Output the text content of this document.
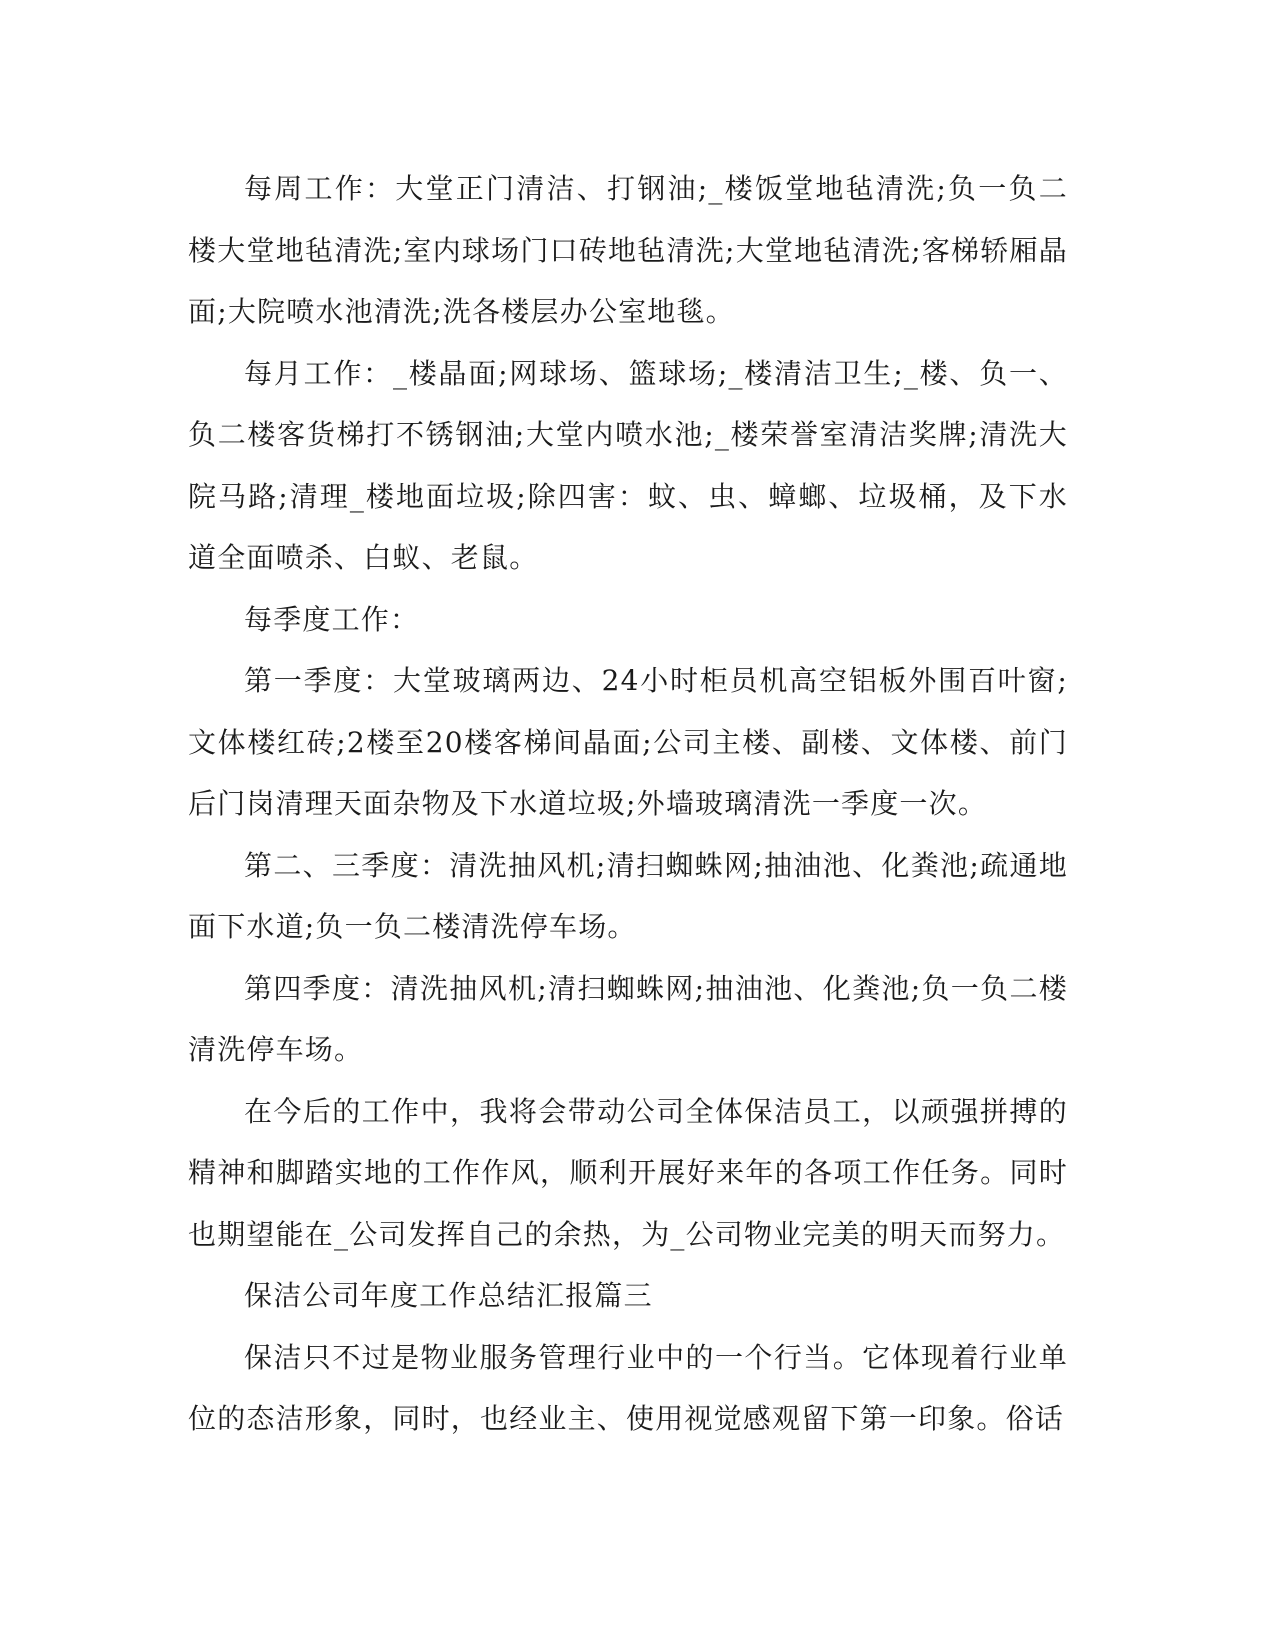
每周工作：大堂正门清洁、打钢油;_楼饭堂地毡清洗;负一负二楼大堂地毡清洗;室内球场门口砖地毡清洗;大堂地毡清洗;客梯轿厢晶面;大院喷水池清洗;洗各楼层办公室地毯。

每月工作：_楼晶面;网球场、篮球场;_楼清洁卫生;_楼、负一、负二楼客货梯打不锈钢油;大堂内喷水池;_楼荣誉室清洁奖牌;清洗大院马路;清理_楼地面垃圾;除四害：蚊、虫、蟑螂、垃圾桶，及下水道全面喷杀、白蚁、老鼠。

每季度工作：

第一季度：大堂玻璃两边、24小时柜员机高空铝板外围百叶窗;文体楼红砖;2楼至20楼客梯间晶面;公司主楼、副楼、文体楼、前门后门岗清理天面杂物及下水道垃圾;外墙玻璃清洗一季度一次。

第二、三季度：清洗抽风机;清扫蜘蛛网;抽油池、化粪池;疏通地面下水道;负一负二楼清洗停车场。

第四季度：清洗抽风机;清扫蜘蛛网;抽油池、化粪池;负一负二楼清洗停车场。

在今后的工作中，我将会带动公司全体保洁员工，以顽强拼搏的精神和脚踏实地的工作作风，顺利开展好来年的各项工作任务。同时也期望能在_公司发挥自己的余热，为_公司物业完美的明天而努力。

保洁公司年度工作总结汇报篇三

保洁只不过是物业服务管理行业中的一个行当。它体现着行业单位的态洁形象，同时，也经业主、使用视觉感观留下第一印象。俗话
